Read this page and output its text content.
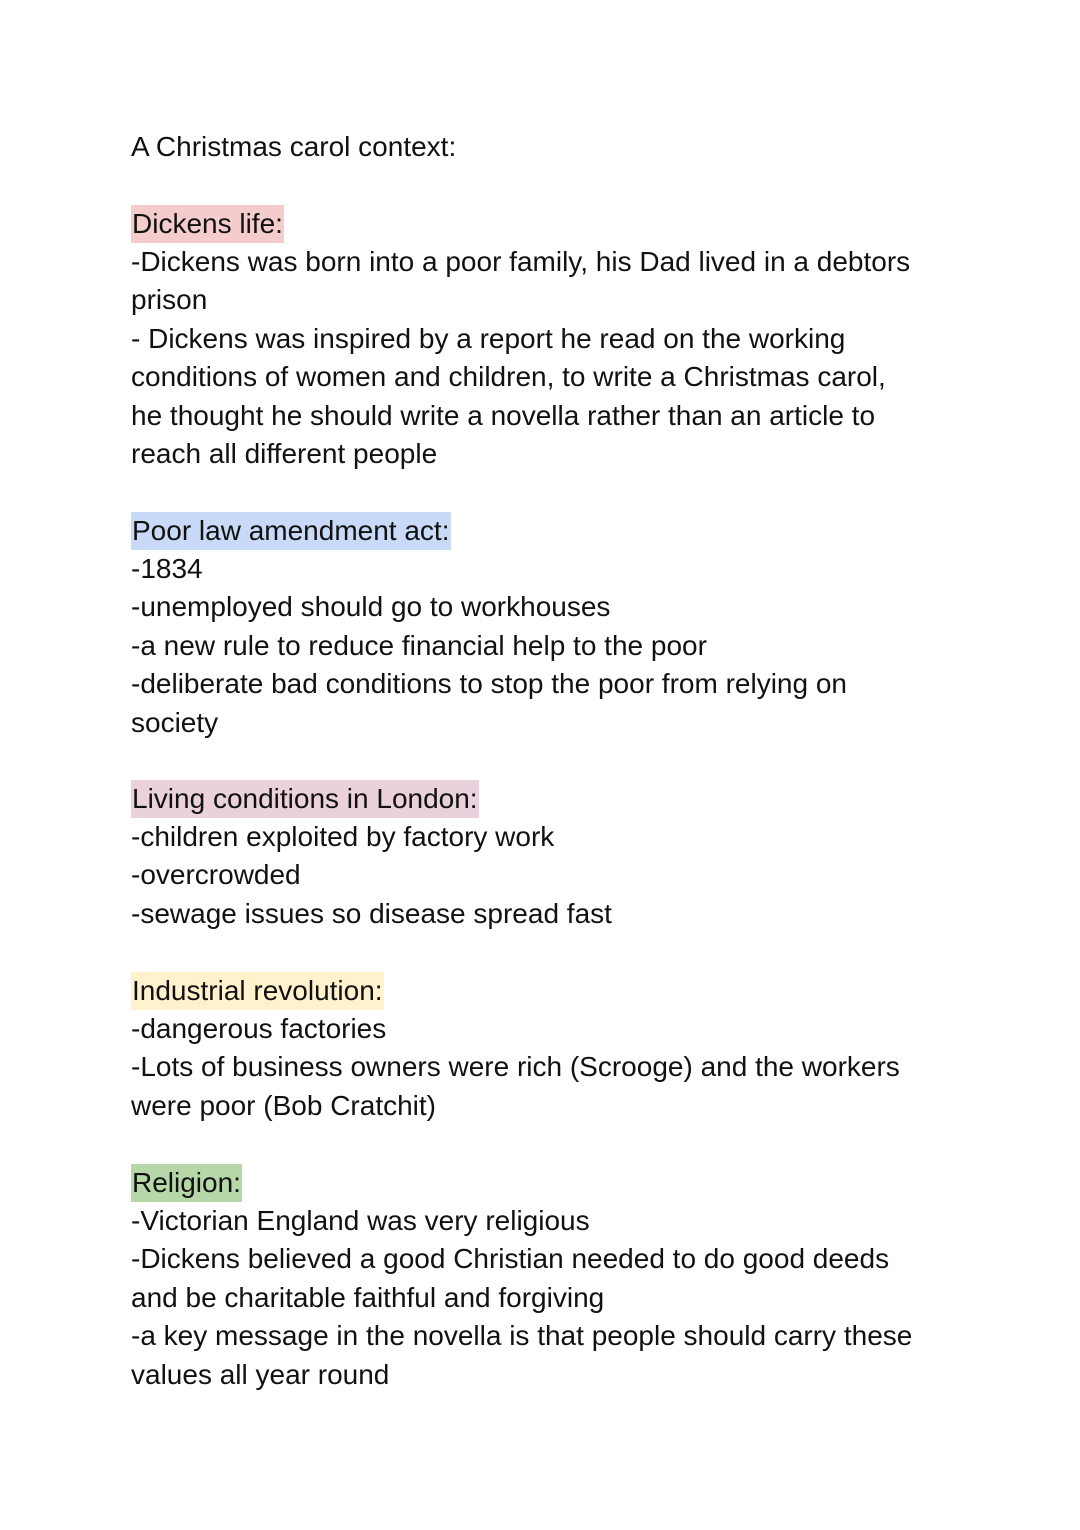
A Christmas carol context:
Dickens life:
-Dickens was born into a poor family, his Dad lived in a debtors
prison
- Dickens was inspired by a report he read on the working
conditions of women and children, to write a Christmas carol,
he thought he should write a novella rather than an article to
reach all different people
Poor law amendment act:
-1834
-unemployed should go to workhouses
-a new rule to reduce financial help to the poor
-deliberate bad conditions to stop the poor from relying on
society
Living conditions in London:
-children exploited by factory work
-overcrowded
-sewage issues so disease spread fast
Industrial revolution:
-dangerous factories
-Lots of business owners were rich (Scrooge) and the workers
were poor (Bob Cratchit)
Religion:
-Victorian England was very religious
-Dickens believed a good Christian needed to do good deeds
and be charitable faithful and forgiving
-a key message in the novella is that people should carry these
values all year round
